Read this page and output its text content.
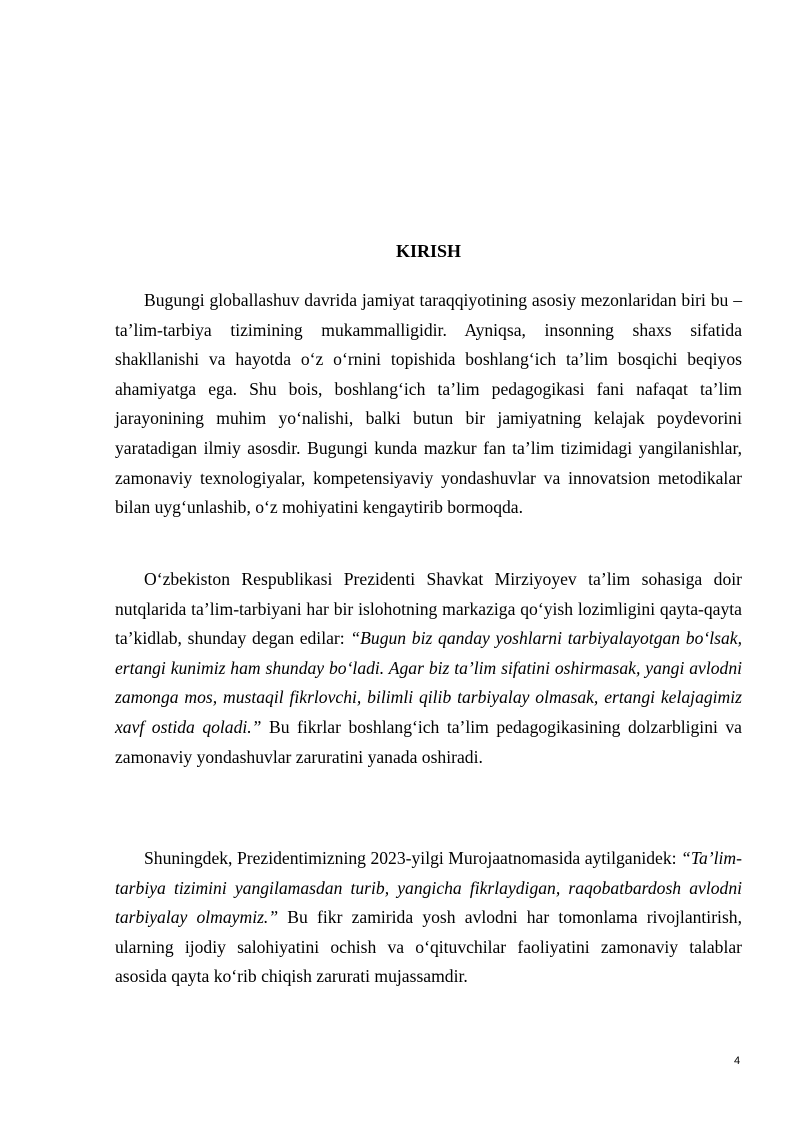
KIRISH

Bugungi globallashuv davrida jamiyat taraqqiyotining asosiy mezonlaridan biri bu – ta’lim-tarbiya tizimining mukammalligidir. Ayniqsa, insonning shaxs sifatida shakllanishi va hayotda o‘z o‘rnini topishida boshlang‘ich ta’lim bosqichi beqiyos ahamiyatga ega. Shu bois, boshlang‘ich ta’lim pedagogikasi fani nafaqat ta’lim jarayonining muhim yo‘nalishi, balki butun bir jamiyatning kelajak poydevorini yaratadigan ilmiy asosdir. Bugungi kunda mazkur fan ta’lim tizimidagi yangilanishlar, zamonaviy texnologiyalar, kompetensiyaviy yondashuvlar va innovatsion metodikalar bilan uyg‘unlashib, o‘z mohiyatini kengaytirib bormoqda.

O‘zbekiston Respublikasi Prezidenti Shavkat Mirziyoyev ta’lim sohasiga doir nutqlarida ta’lim-tarbiyani har bir islohotning markaziga qo‘yish lozimligini qayta-qayta ta’kidlab, shunday degan edilar: “Bugun biz qanday yoshlarni tarbiyalayotgan bo‘lsak, ertangi kunimiz ham shunday bo‘ladi. Agar biz ta’lim sifatini oshirmasak, yangi avlodni zamonga mos, mustaqil fikrlovchi, bilimli qilib tarbiyalay olmasak, ertangi kelajagimiz xavf ostida qoladi.” Bu fikrlar boshlang‘ich ta’lim pedagogikasining dolzarbligini va zamonaviy yondashuvlar zaruratini yanada oshiradi.

Shuningdek, Prezidentimizning 2023-yilgi Murojaatnomasida aytilganidek: “Ta’lim-tarbiya tizimini yangilamasdan turib, yangicha fikrlaydigan, raqobatbardosh avlodni tarbiyalay olmaymiz.” Bu fikr zamirida yosh avlodni har tomonlama rivojlantirish, ularning ijodiy salohiyatini ochish va o‘qituvchilar faoliyatini zamonaviy talablar asosida qayta ko‘rib chiqish zarurati mujassamdir.

4
